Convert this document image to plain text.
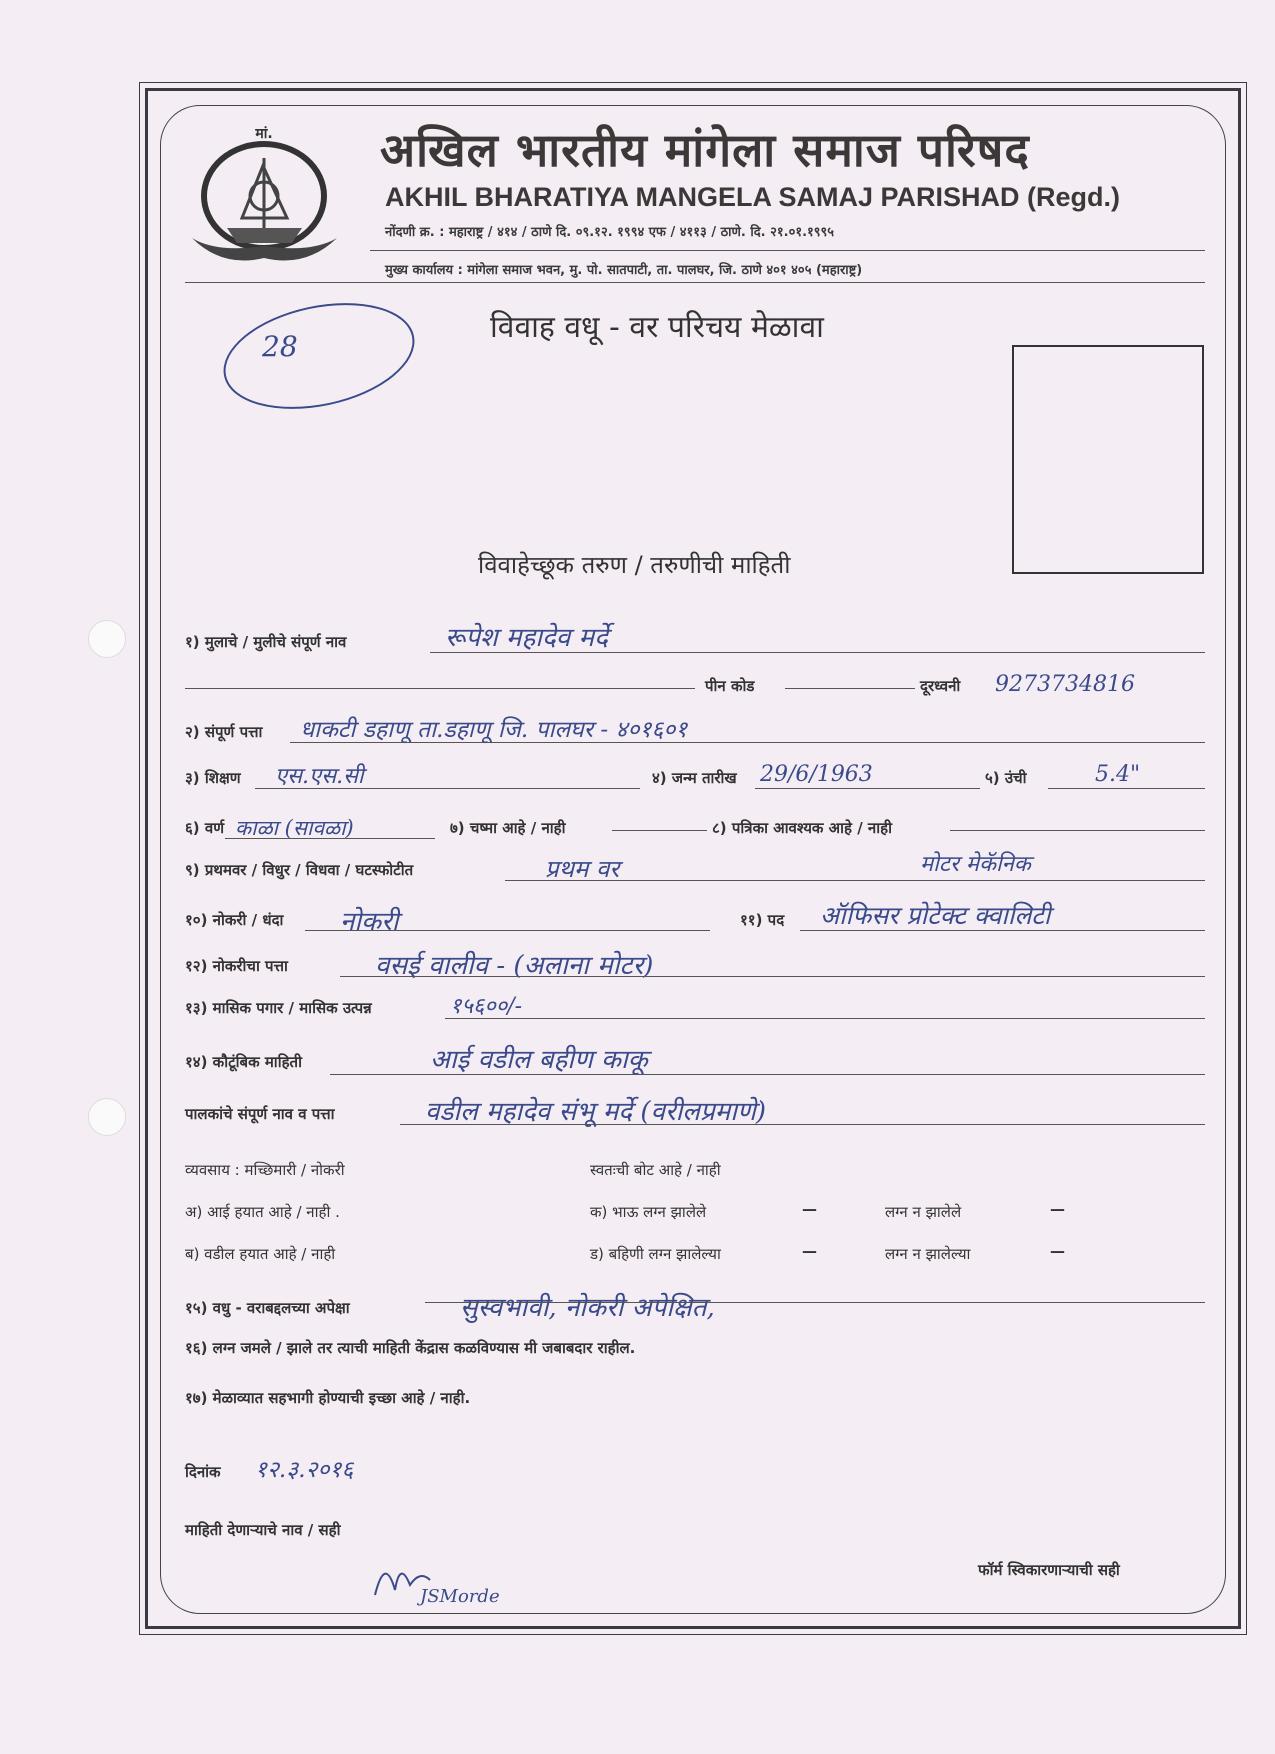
मां. अखिल भारतीय मांगेला समाज परिषद
AKHIL BHARATIYA MANGELA SAMAJ PARISHAD (Regd.)
नोंदणी क्र. : महाराष्ट्र / ४१४ / ठाणे दि. ०९.१२. १९९४ एफ / ४११३ / ठाणे. दि. २१.०१.१९९५
मुख्य कार्यालय : मांगेला समाज भवन, मु. पो. सातपाटी, ता. पालघर, जि. ठाणे ४०१ ४०५ (महाराष्ट्र)
28
विवाह वधू - वर परिचय मेळावा
विवाहेच्छूक तरुण / तरुणीची माहिती
१) मुलाचे / मुलीचे संपूर्ण नाव	रूपेश महादेव मर्दे
पीन कोड	दूरध्वनी 9273734816
२) संपूर्ण पत्ता धाकटी डहाणू ता.डहाणू जि. पालघर - ४०१६०१
३) शिक्षण एस.एस.सी	४) जन्म तारीख 29/6/1963	५) उंची	5.4"
६) वर्ण काळा (सावळा)	७) चष्मा आहे / नाही	८) पत्रिका आवश्यक आहे / नाही
९) प्रथमवर / विधुर / विधवा / घटस्फोटीत	प्रथम वर	मोटर मेकॅनिक
१०) नोकरी / धंदा नोकरी	११) पद ऑफिसर प्रोटेक्ट क्वालिटी
१२) नोकरीचा पत्ता	वसई वालीव - (अलाना मोटर)
१३) मासिक पगार / मासिक उत्पन्न	१५६००/-
१४) कौटूंबिक माहिती	आई वडील बहीण काकू
पालकांचे संपूर्ण नाव व पत्ता	वडील महादेव संभू मर्दे (वरीलप्रमाणे)
व्यवसाय : मच्छिमारी / नोकरी	स्वतःची बोट आहे / नाही
अ) आई हयात आहे / नाही .	क) भाऊ लग्न झालेले	—	लग्न न झालेले	—
ब) वडील हयात आहे / नाही	ड) बहिणी लग्न झालेल्या	—	लग्न न झालेल्या	—
१५) वधु - वराबद्दलच्या अपेक्षा	सुस्वभावी, नोकरी अपेक्षित,
१६) लग्न जमले / झाले तर त्याची माहिती केंद्रास कळविण्यास मी जबाबदार राहील.
१७) मेळाव्यात सहभागी होण्याची इच्छा आहे / नाही.
दिनांक १२.३.२०१६
माहिती देणाऱ्याचे नाव / सही
JSMorde
फॉर्म स्विकारणाऱ्याची सही
